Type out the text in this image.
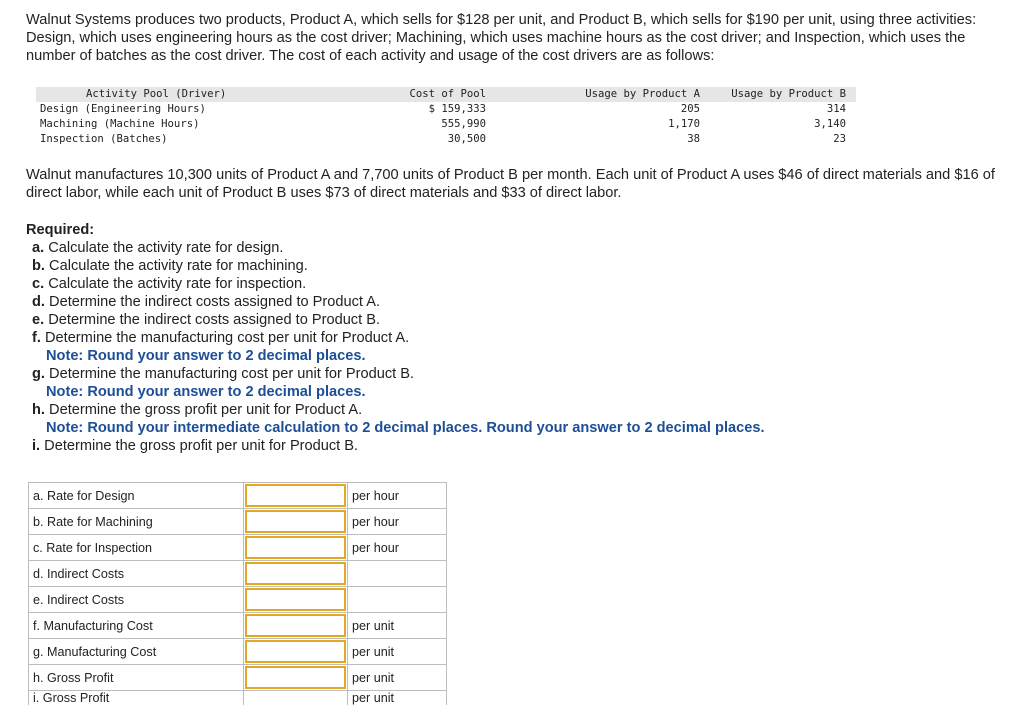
Walnut Systems produces two products, Product A, which sells for $128 per unit, and Product B, which sells for $190 per unit, using three activities: Design, which uses engineering hours as the cost driver; Machining, which uses machine hours as the cost driver; and Inspection, which uses the number of batches as the cost driver. The cost of each activity and usage of the cost drivers are as follows:

Activity Pool (Driver)	Cost of Pool	Usage by Product A	Usage by Product B
Design (Engineering Hours)	$ 159,333	205	314
Machining (Machine Hours)	555,990	1,170	3,140
Inspection (Batches)	30,500	38	23

Walnut manufactures 10,300 units of Product A and 7,700 units of Product B per month. Each unit of Product A uses $46 of direct materials and $16 of direct labor, while each unit of Product B uses $73 of direct materials and $33 of direct labor.

Required:
a. Calculate the activity rate for design.
b. Calculate the activity rate for machining.
c. Calculate the activity rate for inspection.
d. Determine the indirect costs assigned to Product A.
e. Determine the indirect costs assigned to Product B.
f. Determine the manufacturing cost per unit for Product A.
Note: Round your answer to 2 decimal places.
g. Determine the manufacturing cost per unit for Product B.
Note: Round your answer to 2 decimal places.
h. Determine the gross profit per unit for Product A.
Note: Round your intermediate calculation to 2 decimal places. Round your answer to 2 decimal places.
i. Determine the gross profit per unit for Product B.
a. Rate for Design		per hour
b. Rate for Machining		per hour
c. Rate for Inspection		per hour
d. Indirect Costs	

e. Indirect Costs	

f. Manufacturing Cost		per unit
g. Manufacturing Cost		per unit
h. Gross Profit		per unit
i. Gross Profit		per unit
